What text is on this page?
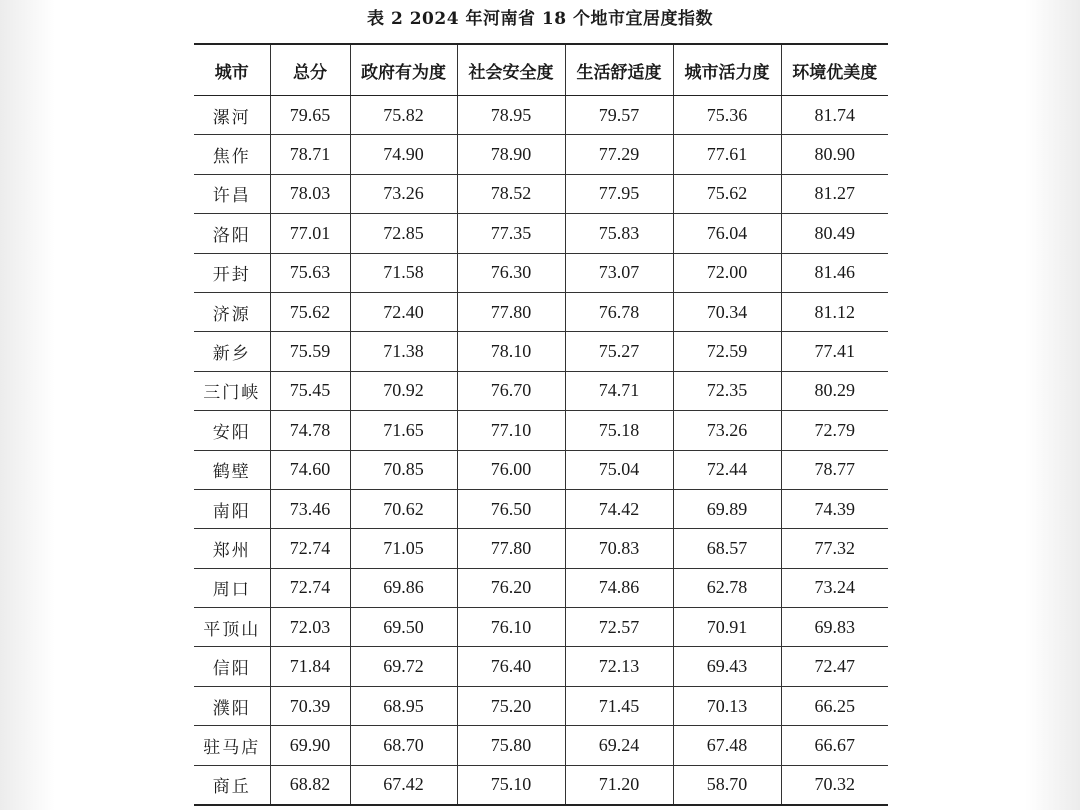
表 2 2024 年河南省 18 个地市宜居度指数
城市	总分	政府有为度	社会安全度	生活舒适度	城市活力度	环境优美度
漯河	79.65	75.82	78.95	79.57	75.36	81.74
焦作	78.71	74.90	78.90	77.29	77.61	80.90
许昌	78.03	73.26	78.52	77.95	75.62	81.27
洛阳	77.01	72.85	77.35	75.83	76.04	80.49
开封	75.63	71.58	76.30	73.07	72.00	81.46
济源	75.62	72.40	77.80	76.78	70.34	81.12
新乡	75.59	71.38	78.10	75.27	72.59	77.41
三门峡	75.45	70.92	76.70	74.71	72.35	80.29
安阳	74.78	71.65	77.10	75.18	73.26	72.79
鹤壁	74.60	70.85	76.00	75.04	72.44	78.77
南阳	73.46	70.62	76.50	74.42	69.89	74.39
郑州	72.74	71.05	77.80	70.83	68.57	77.32
周口	72.74	69.86	76.20	74.86	62.78	73.24
平顶山	72.03	69.50	76.10	72.57	70.91	69.83
信阳	71.84	69.72	76.40	72.13	69.43	72.47
濮阳	70.39	68.95	75.20	71.45	70.13	66.25
驻马店	69.90	68.70	75.80	69.24	67.48	66.67
商丘	68.82	67.42	75.10	71.20	58.70	70.32
